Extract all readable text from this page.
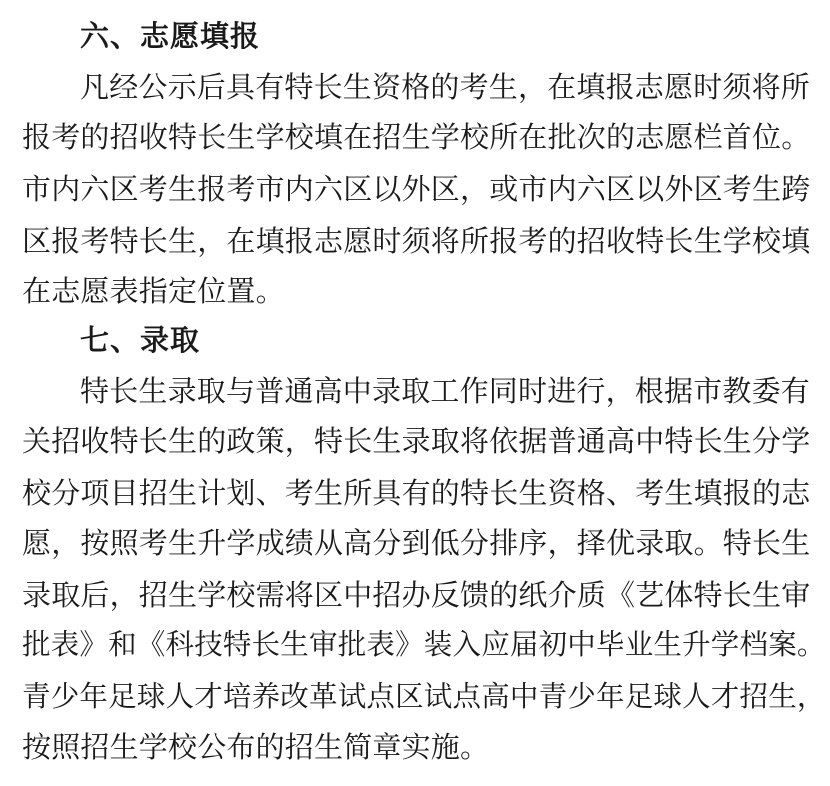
六、志愿填报
凡经公示后具有特长生资格的考生，在填报志愿时须将所
报考的招收特长生学校填在招生学校所在批次的志愿栏首位。
市内六区考生报考市内六区以外区，或市内六区以外区考生跨
区报考特长生，在填报志愿时须将所报考的招收特长生学校填
在志愿表指定位置。
七、录取
特长生录取与普通高中录取工作同时进行，根据市教委有
关招收特长生的政策，特长生录取将依据普通高中特长生分学
校分项目招生计划、考生所具有的特长生资格、考生填报的志
愿，按照考生升学成绩从高分到低分排序，择优录取。特长生
录取后，招生学校需将区中招办反馈的纸介质《艺体特长生审
批表》和《科技特长生审批表》装入应届初中毕业生升学档案。
青少年足球人才培养改革试点区试点高中青少年足球人才招生，
按照招生学校公布的招生简章实施。
